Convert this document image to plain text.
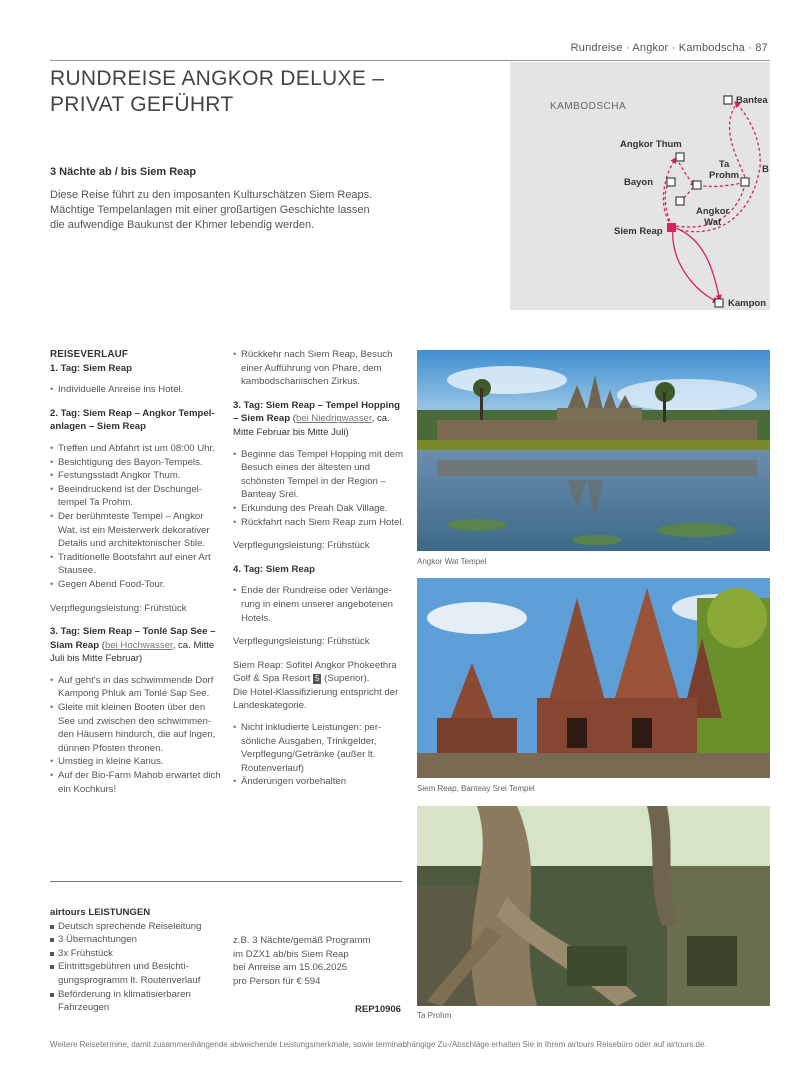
Rundreise · Angkor · Kambodscha · 87
RUNDREISE ANGKOR DELUXE –
PRIVAT GEFÜHRT
3 Nächte ab / bis Siem Reap
Diese Reise führt zu den imposanten Kulturschätzen Siem Reaps.
Mächtige Tempelanlagen mit einer großartigen Geschichte lassen
die aufwendige Baukunst der Khmer lebendig werden.
KAMBODSCHA
Angkor Thum
Bayon
Ta
Prohm
Angkor
Wat
Siem Reap
Bantea
Kampon
B
REISEVERLAUF
1. Tag: Siem Reap
• Individuelle Anreise ins Hotel.
2. Tag: Siem Reap – Angkor Tempel-anlagen – Siem Reap
• Treffen und Abfahrt ist um 08:00 Uhr.
• Besichtigung des Bayon-Tempels.
• Festungsstadt Angkor Thum.
• Beeindruckend ist der Dschungel-tempel Ta Prohm.
• Der berühmteste Tempel – Angkor Wat, ist ein Meisterwerk dekorativer Details und architektonischer Stile.
• Traditionelle Bootsfahrt auf einer Art Stausee.
• Gegen Abend Food-Tour.

Verpflegungsleistung: Frühstück

3. Tag: Siem Reap – Tonlé Sap See – Siam Reap (bei Hochwasser, ca. Mitte Juli bis Mitte Februar)
• Auf geht's in das schwimmende Dorf Kampong Phluk am Tonlé Sap See.
• Gleite mit kleinen Booten über den See und zwischen den schwimmen-den Häusern hindurch, die auf lngen, dünnen Pfosten thronen.
• Umstieg in kleine Kanus.
• Auf der Bio-Farm Mahob erwartet dich ein Kochkurs!
• Rückkehr nach Siem Reap, Besuch einer Aufführung von Phare, dem kambodschanischen Zirkus.
3. Tag: Siem Reap – Tempel Hopping – Siem Reap (bei Niedrigwasser, ca. Mitte Februar bis Mitte Juli)
• Beginne das Tempel Hopping mit dem Besuch eines der ältesten und schönsten Tempel in der Region – Banteay Srei.
• Erkundung des Preah Dak Village.
• Rückfahrt nach Siem Reap zum Hotel.

Verpflegungsleistung: Frühstück

4. Tag: Siem Reap
• Ende der Rundreise oder Verlänge-rung in einem unserer angebotenen Hotels.

Verpflegungsleistung: Frühstück

Siem Reap: Sofitel Angkor Phokeethra
Golf & Spa Resort 5 (Superior).
Die Hotel-Klassifizierung entspricht der Landeskategorie.

• Nicht inkludierte Leistungen: per-sönliche Ausgaben, Trinkgelder, Verpflegung/Getränke (außer lt. Routenverlauf)
• Änderungen vorbehalten
airtours LEISTUNGEN
Deutsch sprechende Reiseleitung
3 Übernachtungen
3x Frühstück
Eintrittsgebühren und Besichti-gungsprogramm lt. Routenverlauf
Beförderung in klimatisierbaren Fahrzeugen
z.B. 3 Nächte/gemäß Programm
im DZX1 ab/bis Siem Reap
bei Anreise am 15.06.2025
pro Person für € 594
REP10906
Angkor Wat Tempel
Siem Reap, Banteay Srei Tempel
Ta Prohm
Weitere Reisetermine, damit zusammenhängende abweichende Leistungsmerkmale, sowie terminabhängige Zu-/Abschläge erhalten Sie in Ihrem airtours Reisebüro oder auf airtours.de.
